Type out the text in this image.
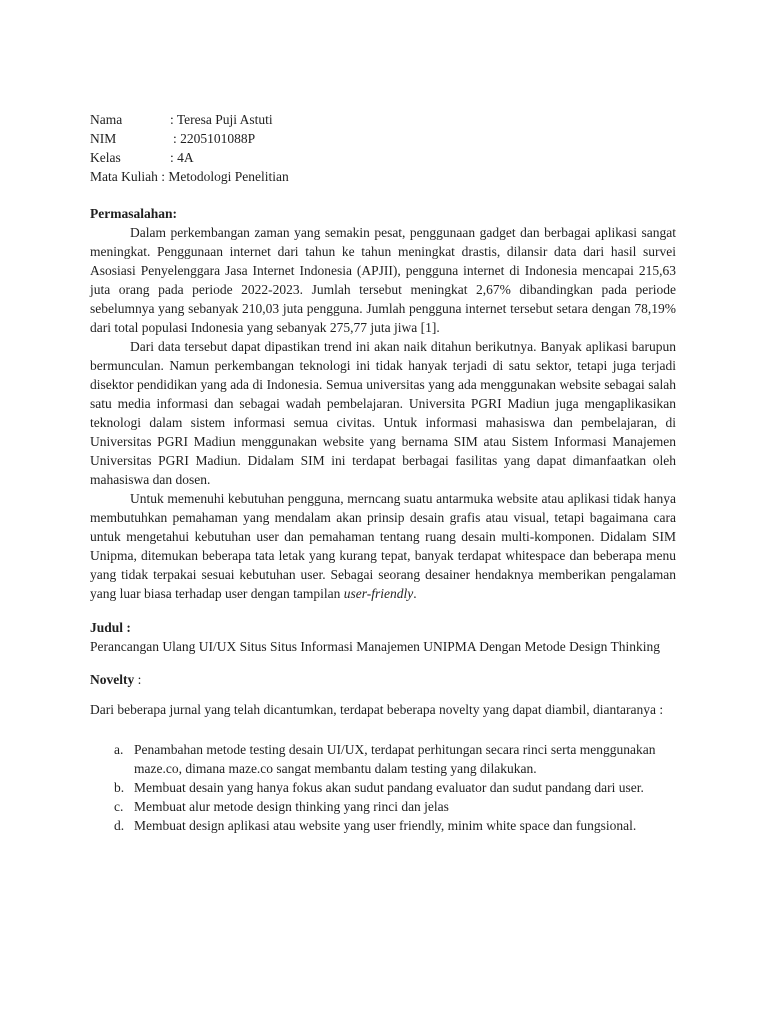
Nama	: Teresa Puji Astuti
NIM	: 2205101088P
Kelas	: 4A
Mata Kuliah : Metodologi Penelitian
Permasalahan:

Dalam perkembangan zaman yang semakin pesat, penggunaan gadget dan berbagai aplikasi sangat meningkat. Penggunaan internet dari tahun ke tahun meningkat drastis, dilansir data dari hasil survei Asosiasi Penyelenggara Jasa Internet Indonesia (APJII), pengguna internet di Indonesia mencapai 215,63 juta orang pada periode 2022-2023. Jumlah tersebut meningkat 2,67% dibandingkan pada periode sebelumnya yang sebanyak 210,03 juta pengguna. Jumlah pengguna internet tersebut setara dengan 78,19% dari total populasi Indonesia yang sebanyak 275,77 juta jiwa [1].

Dari data tersebut dapat dipastikan trend ini akan naik ditahun berikutnya. Banyak aplikasi barupun bermunculan. Namun perkembangan teknologi ini tidak hanyak terjadi di satu sektor, tetapi juga terjadi disektor pendidikan yang ada di Indonesia. Semua universitas yang ada menggunakan website sebagai salah satu media informasi dan sebagai wadah pembelajaran. Universita PGRI Madiun juga mengaplikasikan teknologi dalam sistem informasi semua civitas. Untuk informasi mahasiswa dan pembelajaran, di Universitas PGRI Madiun menggunakan website yang bernama SIM atau Sistem Informasi Manajemen Universitas PGRI Madiun. Didalam SIM ini terdapat berbagai fasilitas yang dapat dimanfaatkan oleh mahasiswa dan dosen.

Untuk memenuhi kebutuhan pengguna, merncang suatu antarmuka website atau aplikasi tidak hanya membutuhkan pemahaman yang mendalam akan prinsip desain grafis atau visual, tetapi bagaimana cara untuk mengetahui kebutuhan user dan pemahaman tentang ruang desain multi-komponen. Didalam SIM Unipma, ditemukan beberapa tata letak yang kurang tepat, banyak terdapat whitespace dan beberapa menu yang tidak terpakai sesuai kebutuhan user. Sebagai seorang desainer hendaknya memberikan pengalaman yang luar biasa terhadap user dengan tampilan user-friendly.

Judul :

Perancangan Ulang UI/UX Situs Situs Informasi Manajemen UNIPMA Dengan Metode Design Thinking

Novelty :
Dari beberapa jurnal yang telah dicantumkan, terdapat beberapa novelty yang dapat diambil, diantaranya :
a. Penambahan metode testing desain UI/UX, terdapat perhitungan secara rinci serta menggunakan maze.co, dimana maze.co sangat membantu dalam testing yang dilakukan.
b. Membuat desain yang hanya fokus akan sudut pandang evaluator dan sudut pandang dari user.
c. Membuat alur metode design thinking yang rinci dan jelas
d. Membuat design aplikasi atau website yang user friendly, minim white space dan fungsional.
